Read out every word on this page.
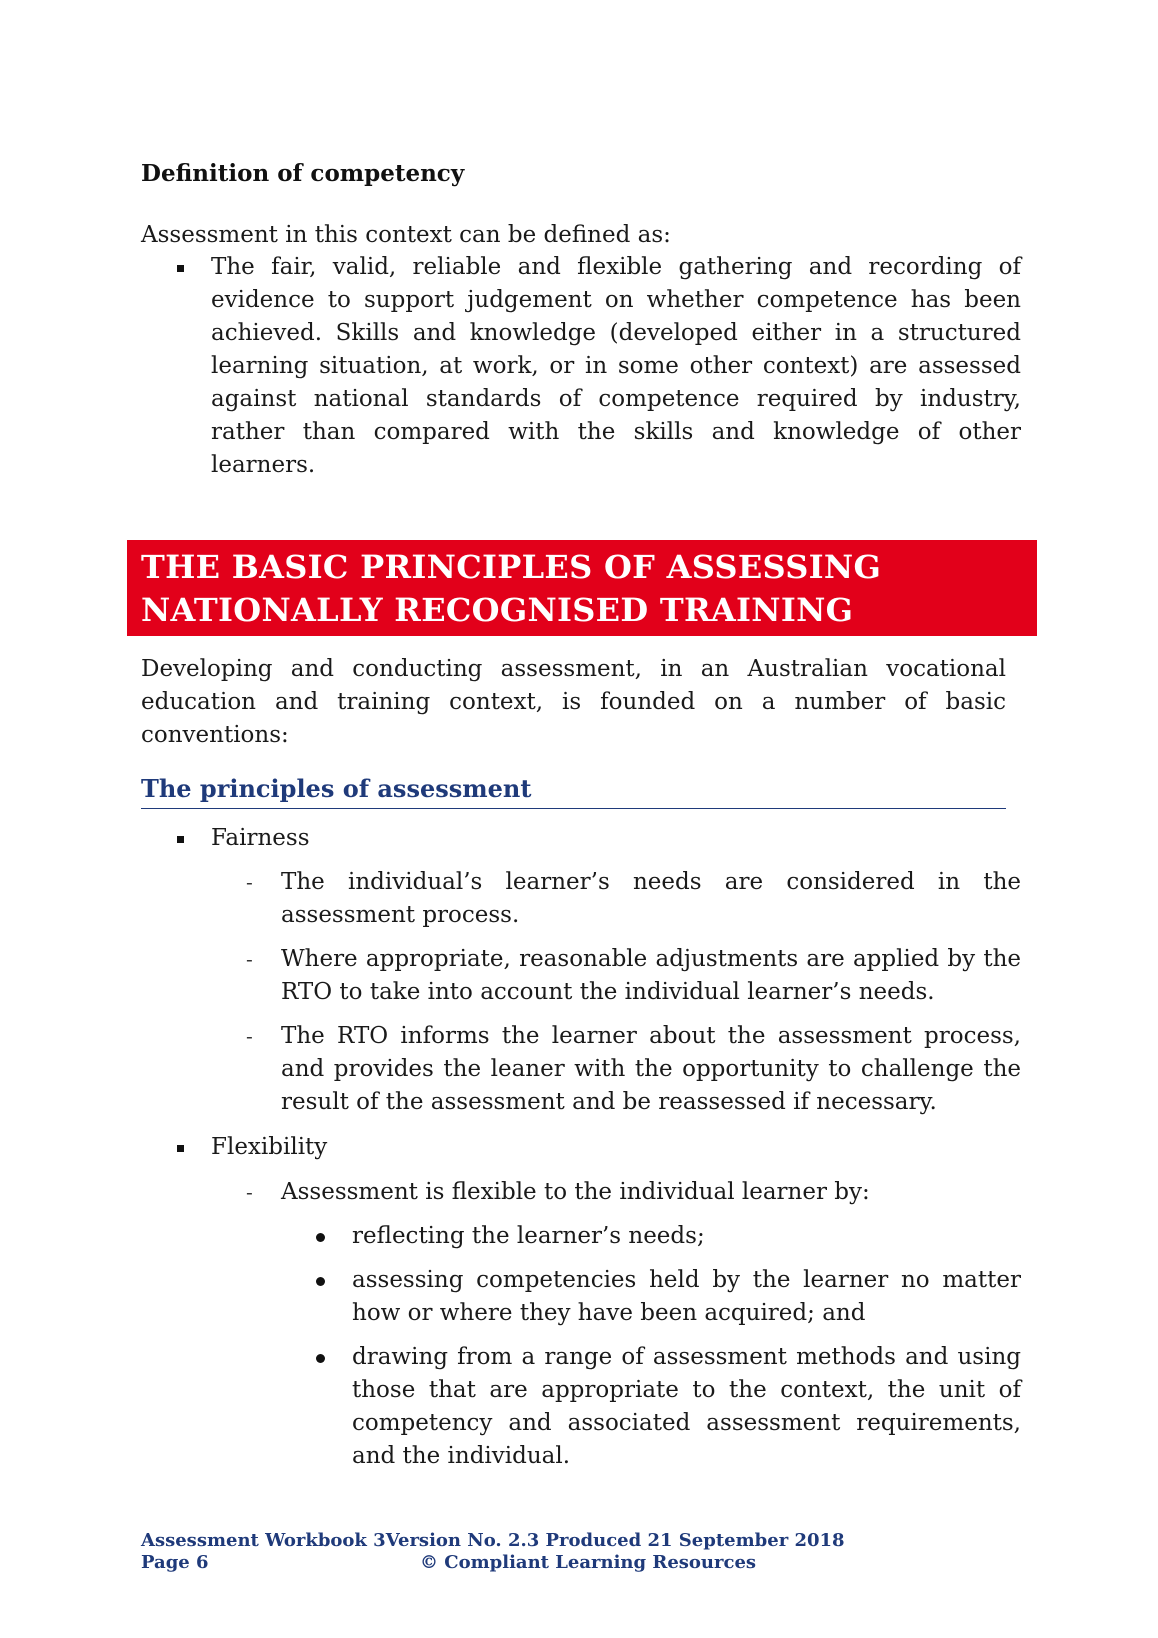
Definition of competency
Assessment in this context can be defined as:
The fair, valid, reliable and flexible gathering and recording of evidence to support judgement on whether competence has been achieved. Skills and knowledge (developed either in a structured learning situation, at work, or in some other context) are assessed against national standards of competence required by industry, rather than compared with the skills and knowledge of other learners.
THE BASIC PRINCIPLES OF ASSESSING
NATIONALLY RECOGNISED TRAINING
Developing and conducting assessment, in an Australian vocational education and training context, is founded on a number of basic conventions:
The principles of assessment
Fairness
- The individual’s learner’s needs are considered in the assessment process.
- Where appropriate, reasonable adjustments are applied by the RTO to take into account the individual learner’s needs.
- The RTO informs the learner about the assessment process, and provides the leaner with the opportunity to challenge the result of the assessment and be reassessed if necessary.
Flexibility
- Assessment is flexible to the individual learner by:
reflecting the learner’s needs;
assessing competencies held by the learner no matter how or where they have been acquired; and
drawing from a range of assessment methods and using those that are appropriate to the context, the unit of competency and associated assessment requirements, and the individual.
Assessment Workbook 3Version No. 2.3 Produced 21 September 2018
Page 6	© Compliant Learning Resources
